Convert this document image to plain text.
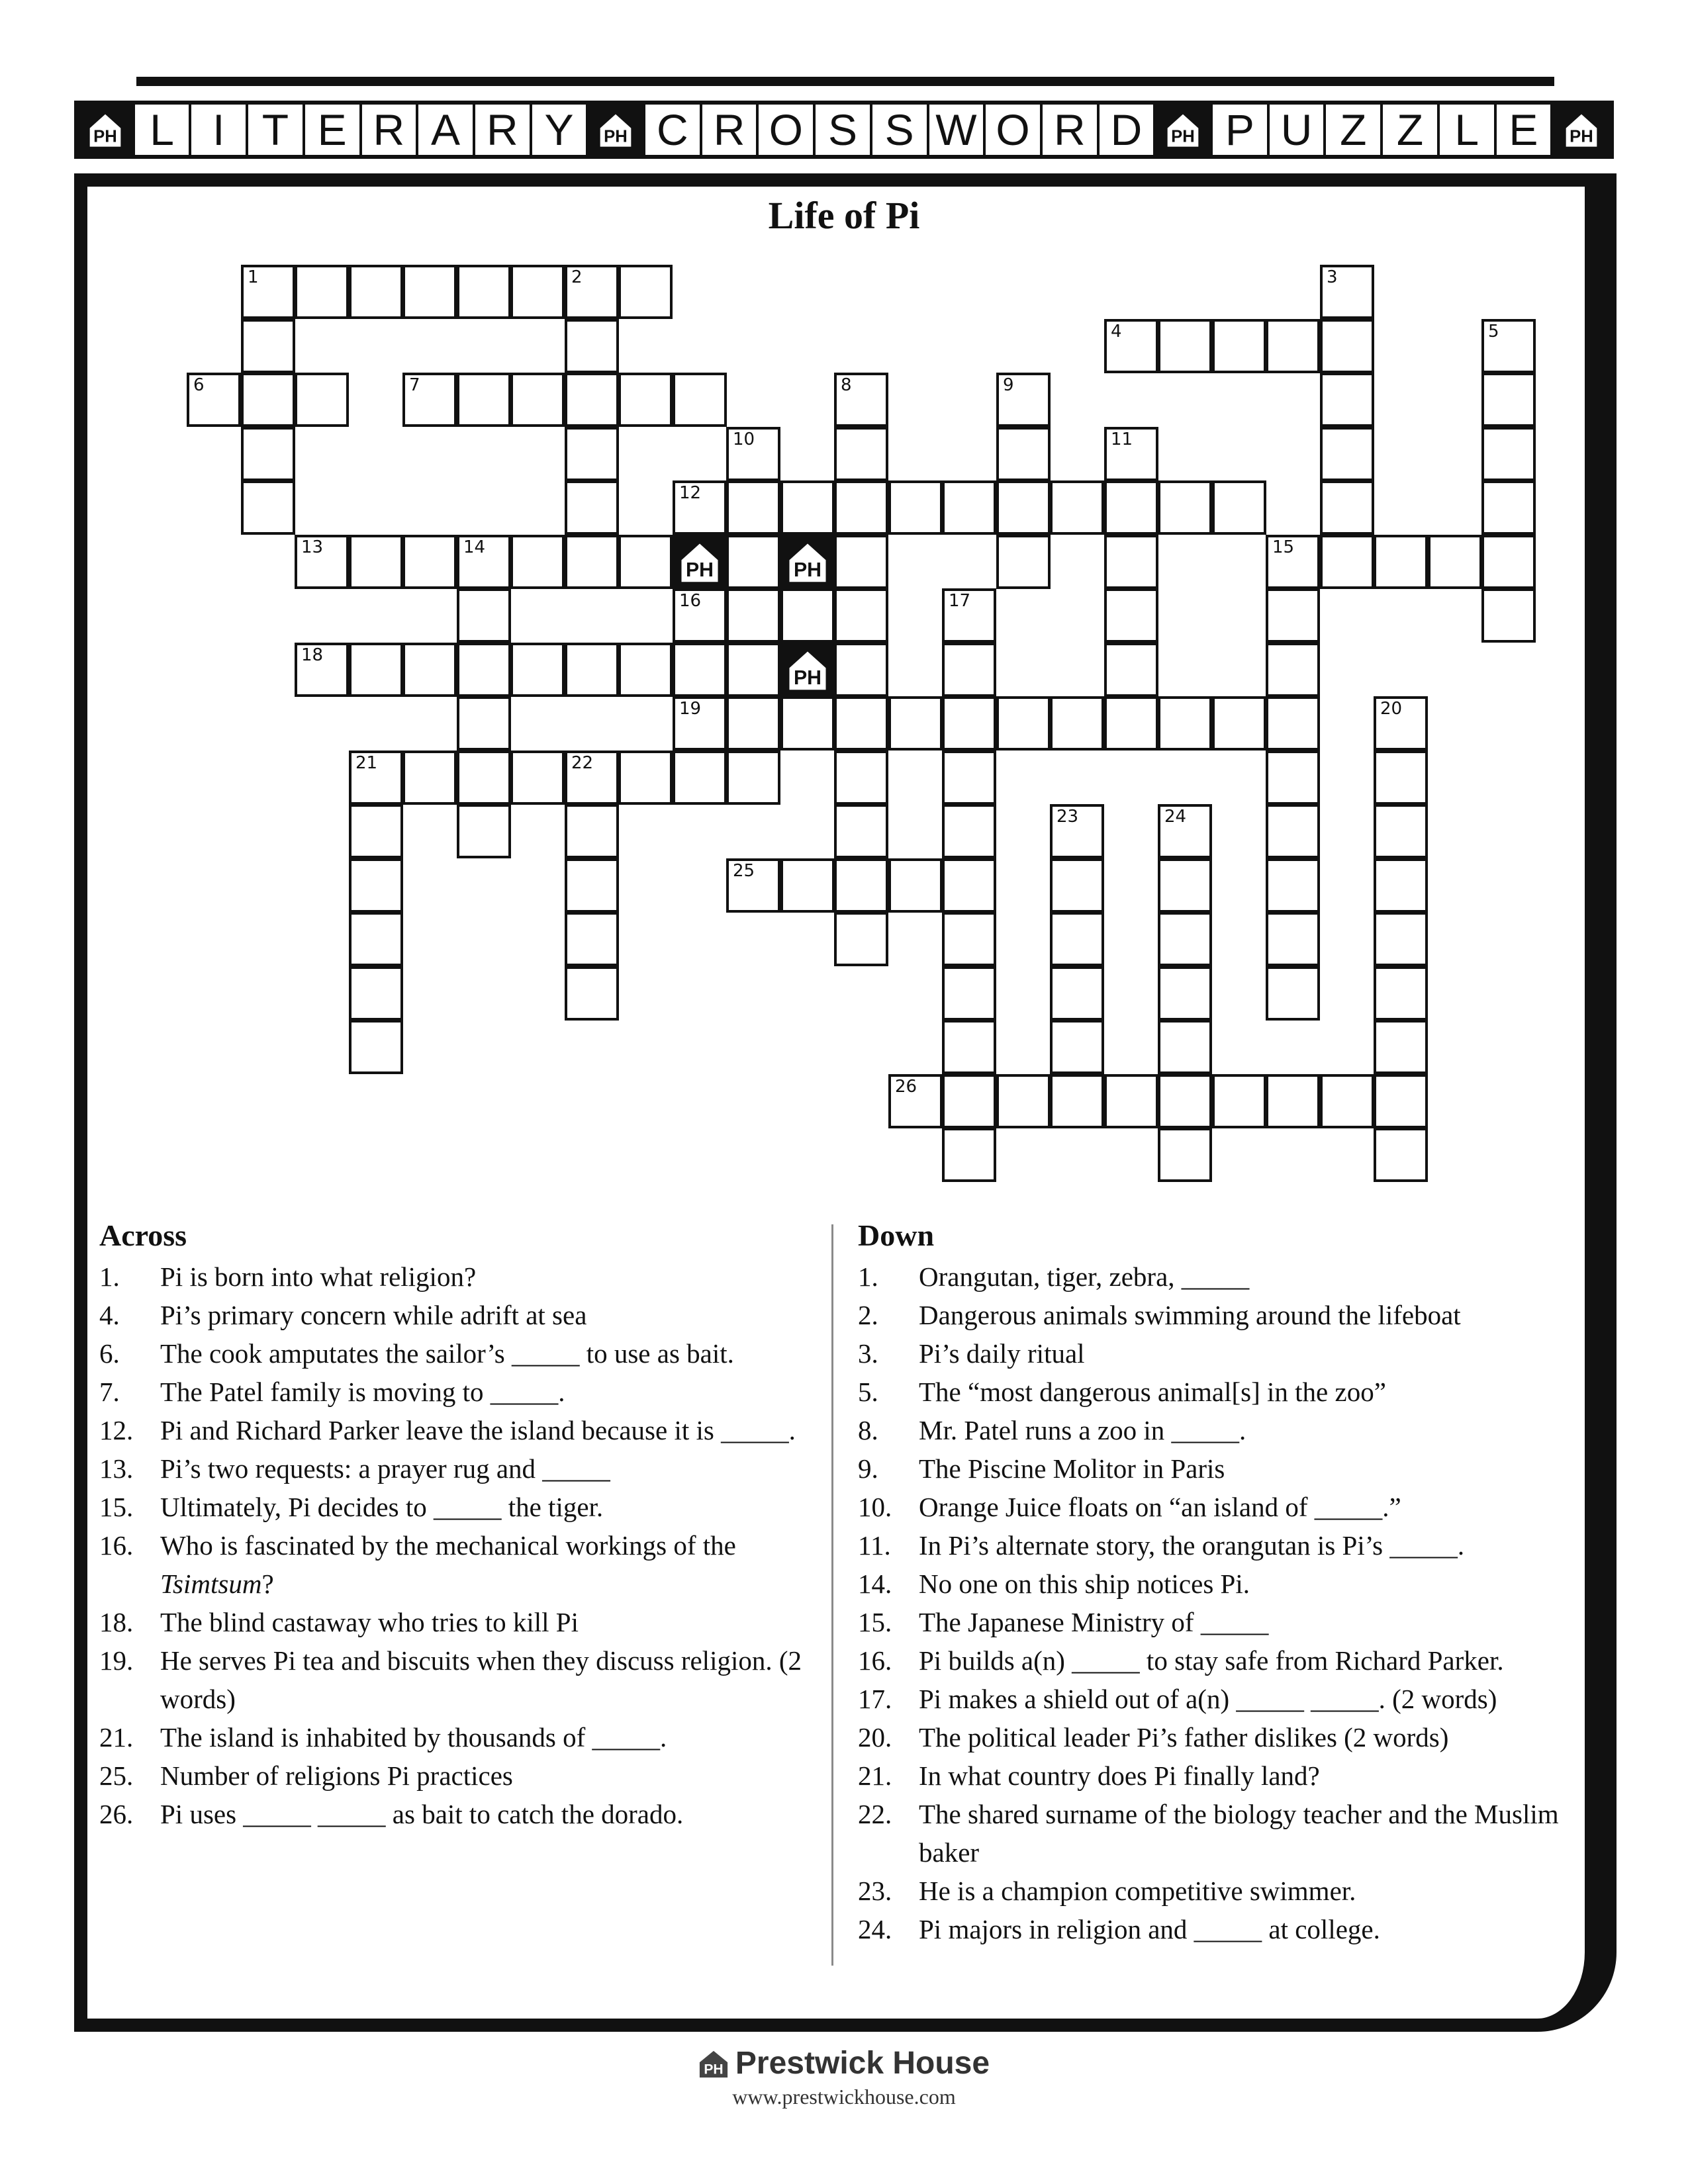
PH L I T E R A R Y	PH C R O S S W O R D	PH P U Z Z L E	PH
Life of Pi
1	2	3
4	5
6	7	8	9
10	11
12
13	14
PH	PH
15
16	17
18
PH
19	20
21	22
23	24
25
26
Across
1. Pi is born into what religion?
4. Pi’s primary concern while adrift at sea
6. The cook amputates the sailor’s _____ to use as bait.
7. The Patel family is moving to _____.
12. Pi and Richard Parker leave the island because it is _____.
13. Pi’s two requests: a prayer rug and _____
15. Ultimately, Pi decides to _____ the tiger.
16. Who is fascinated by the mechanical workings of the Tsimtsum?
18. The blind castaway who tries to kill Pi
19. He serves Pi tea and biscuits when they discuss religion. (2 words)
21. The island is inhabited by thousands of _____.
25. Number of religions Pi practices
26. Pi uses _____ _____ as bait to catch the dorado.
Down
1. Orangutan, tiger, zebra, _____
2. Dangerous animals swimming around the lifeboat
3. Pi’s daily ritual
5. The “most dangerous animal[s] in the zoo”
8. Mr. Patel runs a zoo in _____.
9. The Piscine Molitor in Paris
10. Orange Juice floats on “an island of _____.”
11. In Pi’s alternate story, the orangutan is Pi’s _____.
14. No one on this ship notices Pi.
15. The Japanese Ministry of _____
16. Pi builds a(n) _____ to stay safe from Richard Parker.
17. Pi makes a shield out of a(n) _____ _____. (2 words)
20. The political leader Pi’s father dislikes (2 words)
21. In what country does Pi finally land?
22. The shared surname of the biology teacher and the Muslim baker
23. He is a champion competitive swimmer.
24. Pi majors in religion and _____ at college.
PH Prestwick House
www.prestwickhouse.com
